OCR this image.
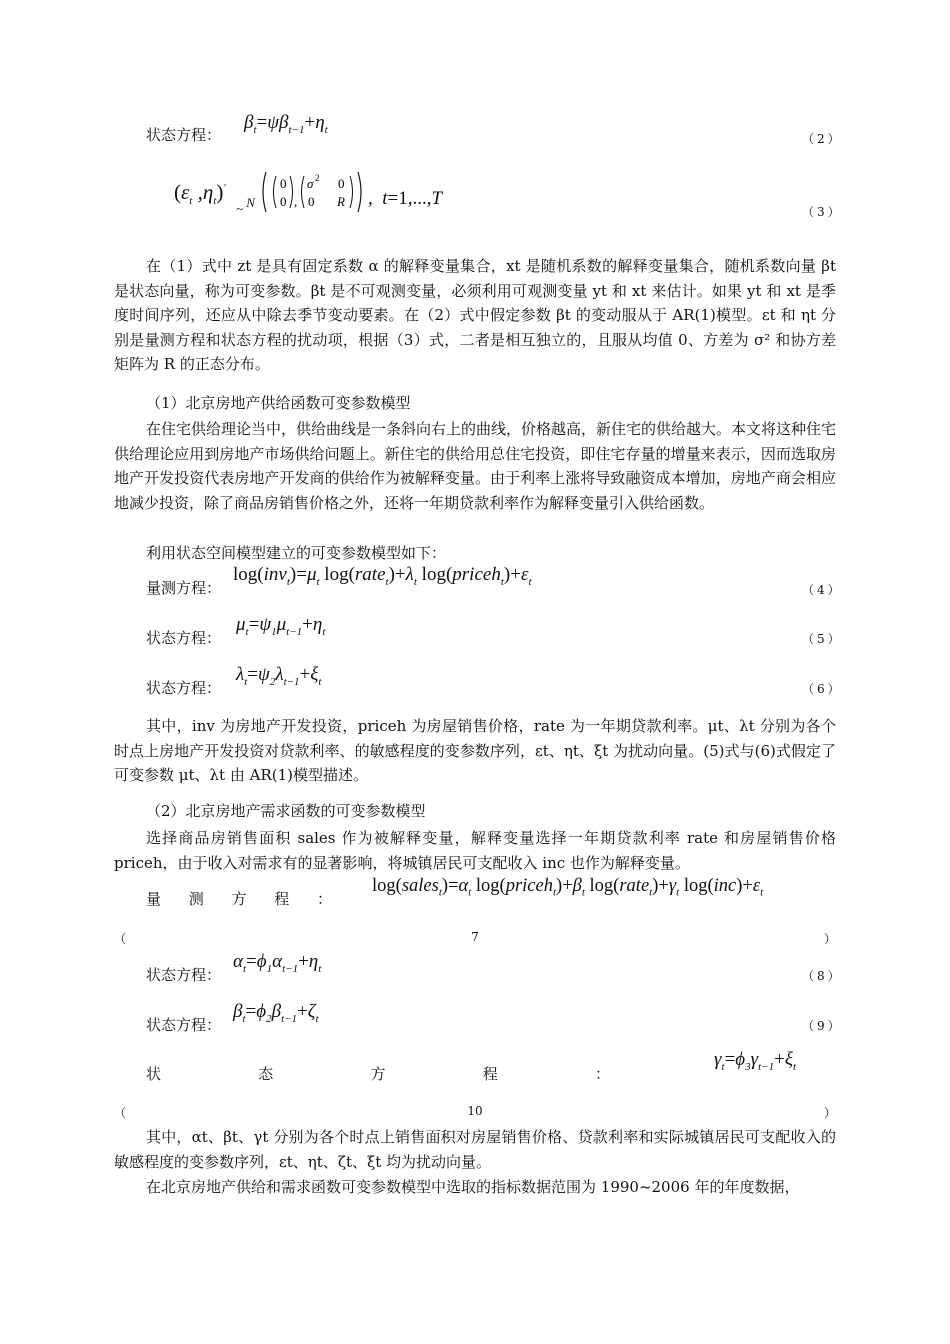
状态方程：
$\beta_t=\psi\beta_{t-1}+\eta_t$
（2）
($\varepsilon_t$ $,\eta_t)'$
~ N
0
0 ,
σ 2 0
0 R ,  t=1,...,T
（3）
在（1）式中 zt 是具有固定系数 α 的解释变量集合，xt 是随机系数的解释变量集合，随机系数向量 βt 是状态向量，称为可变参数。βt 是不可观测变量，必须利用可观测变量 yt 和 xt 来估计。如果 yt 和 xt 是季度时间序列，还应从中除去季节变动要素。在（2）式中假定参数 βt 的变动服从于 AR(1)模型。εt 和 ηt 分别是量测方程和状态方程的扰动项，根据（3）式，二者是相互独立的，且服从均值 0、方差为 σ² 和协方差矩阵为 R 的正态分布。
（1）北京房地产供给函数可变参数模型
在住宅供给理论当中，供给曲线是一条斜向右上的曲线，价格越高，新住宅的供给越大。本文将这种住宅供给理论应用到房地产市场供给问题上。新住宅的供给用总住宅投资，即住宅存量的增量来表示，因而选取房地产开发投资代表房地产开发商的供给作为被解释变量。由于利率上涨将导致融资成本增加，房地产商会相应地减少投资，除了商品房销售价格之外，还将一年期贷款利率作为解释变量引入供给函数。
利用状态空间模型建立的可变参数模型如下：
量测方程：
$\log(inv_t)=\mu_t$ $\log(rate_t)+\lambda_t$ $\log(priceh_t)+\varepsilon_t$
（4）
状态方程：
$\mu_t=\psi_1\mu_{t-1}+\eta_t$
（5）
状态方程：
$\lambda_t=\psi_2\lambda_{t-1}+\xi_t$
（6）
其中，inv 为房地产开发投资，priceh 为房屋销售价格，rate 为一年期贷款利率。μt、λt 分别为各个时点上房地产开发投资对贷款利率、的敏感程度的变参数序列，εt、ηt、ξt 为扰动向量。(5)式与(6)式假定了可变参数 μt、λt 由 AR(1)模型描述。
（2）北京房地产需求函数的可变参数模型
选择商品房销售面积 sales 作为被解释变量，解释变量选择一年期贷款利率 rate 和房屋销售价格 priceh，由于收入对需求有的显著影响，将城镇居民可支配收入 inc 也作为解释变量。
量 测 方 程 ：
$\log(sales_t)=\alpha_t$ $\log(priceh_t)+\beta_t$ $\log(rate_t)+\gamma_t$ $\log(inc)+\varepsilon_t$
（	7	）
状态方程：
$\alpha_t=\phi_1\alpha_{t-1}+\eta_t$
（8）
状态方程：
$\beta_t=\phi_2\beta_{t-1}+\zeta_t$
（9）
状	态	方	程	：
$\gamma_t=\phi_3\gamma_{t-1}+\xi_t$
（	10	）
其中，αt、βt、γt 分别为各个时点上销售面积对房屋销售价格、贷款利率和实际城镇居民可支配收入的敏感程度的变参数序列，εt、ηt、ζt、ξt 均为扰动向量。
在北京房地产供给和需求函数可变参数模型中选取的指标数据范围为 1990~2006 年的年度数据，
